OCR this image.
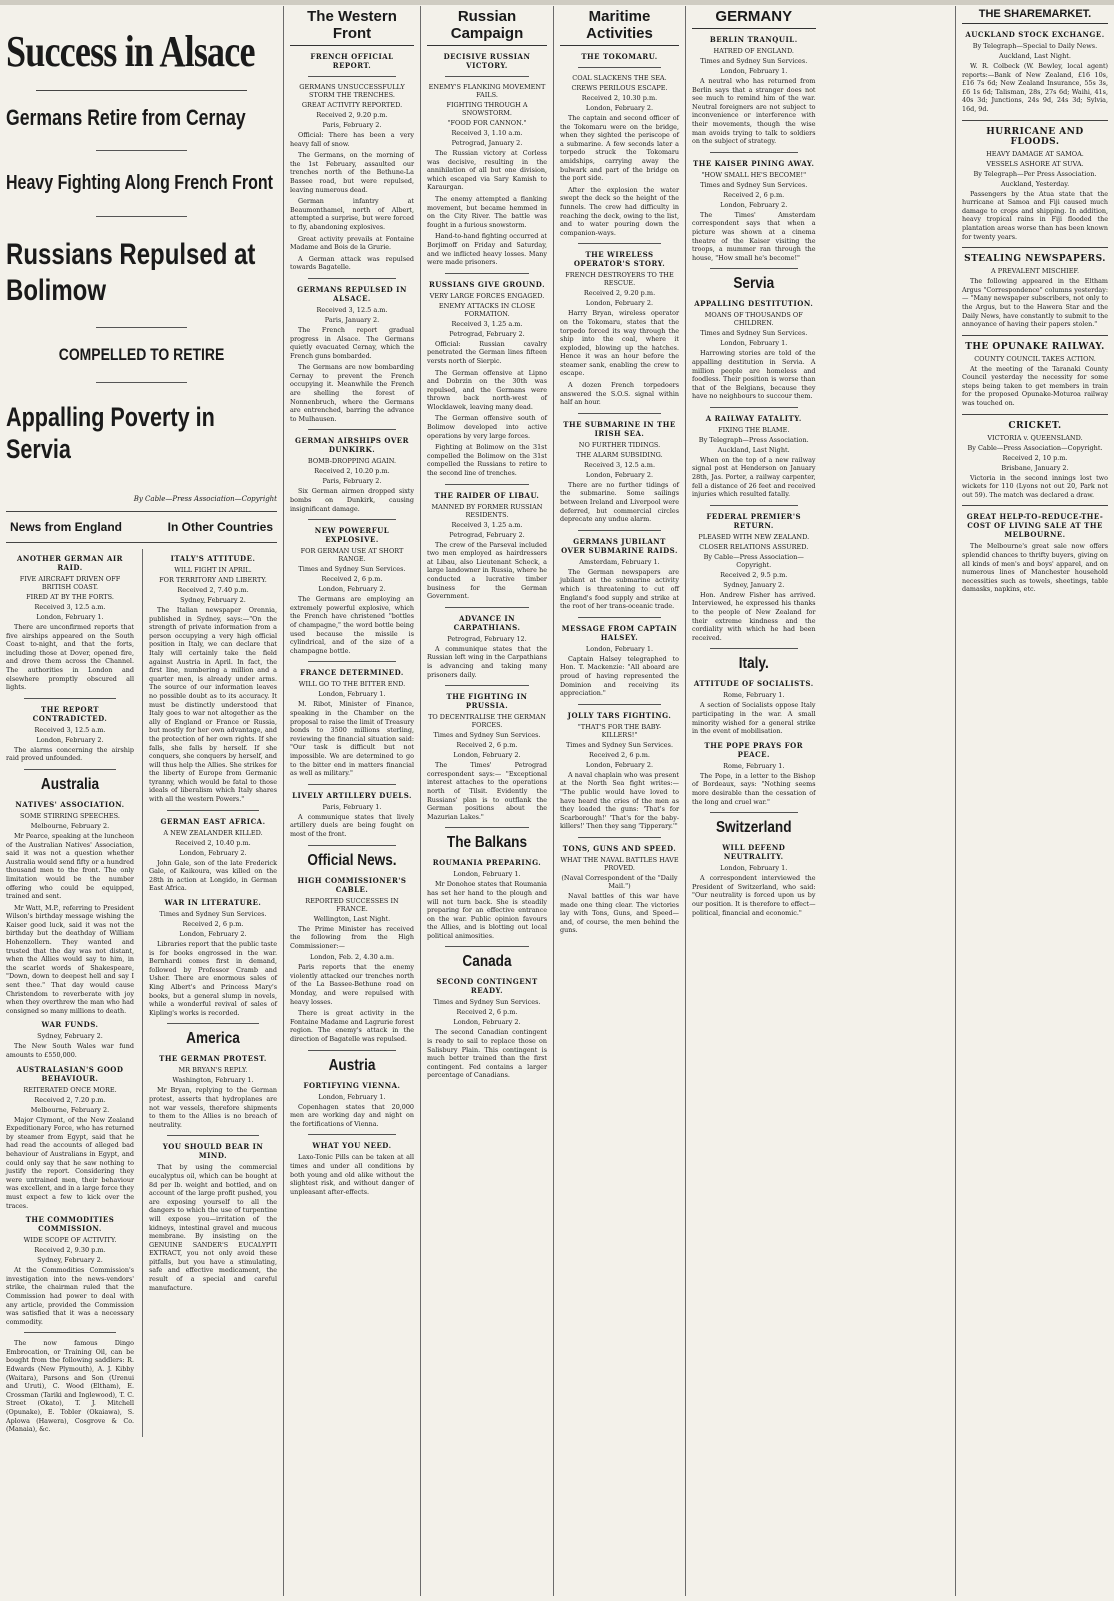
Success in Alsace
Germans Retire from Cernay
Heavy Fighting Along French Front
Russians Repulsed at Bolimow
COMPELLED TO RETIRE
Appalling Poverty in Servia
By Cable—Press Association—Copyright
News from England	In Other Countries
ANOTHER GERMAN AIR RAID.
FIVE AIRCRAFT DRIVEN OFF BRITISH COAST.
FIRED AT BY THE FORTS.
Received 3, 12.5 a.m.
London, February 1.

There are unconfirmed reports that five airships appeared on the South Coast to-night, and that the forts, including those at Dover, opened fire, and drove them across the Channel. The authorities in London and elsewhere promptly obscured all lights.

THE REPORT CONTRADICTED.
Received 3, 12.5 a.m.
London, February 2.

The alarms concerning the airship raid proved unfounded.

Australia
NATIVES' ASSOCIATION.
SOME STIRRING SPEECHES.
Melbourne, February 2.

Mr Pearce, speaking at the luncheon of the Australian Natives' Association, said it was not a question whether Australia would send fifty or a hundred thousand men to the front. The only limitation would be the number offering who could be equipped, trained and sent.

Mr Watt, M.P., referring to President Wilson's birthday message wishing the Kaiser good luck, said it was not the birthday but the deathday of William Hohenzollern. They wanted and trusted that the day was not distant, when the Allies would say to him, in the scarlet words of Shakespeare, "Down, down to deepest hell and say I sent thee." That day would cause Christendom to reverberate with joy when they overthrew the man who had consigned so many millions to death.

WAR FUNDS.
Sydney, February 2.

The New South Wales war fund amounts to £550,000.

AUSTRALASIAN'S GOOD BEHAVIOUR.
REITERATED ONCE MORE.
Received 2, 7.20 p.m.
Melbourne, February 2.

Major Clymont, of the New Zealand Expeditionary Force, who has returned by steamer from Egypt, said that he had read the accounts of alleged bad behaviour of Australians in Egypt, and could only say that he saw nothing to justify the report. Considering they were untrained men, their behaviour was excellent, and in a large force they must expect a few to kick over the traces.

THE COMMODITIES COMMISSION.
WIDE SCOPE OF ACTIVITY.
Received 2, 9.30 p.m.
Sydney, February 2.

At the Commodities Commission's investigation into the news-vendors' strike, the chairman ruled that the Commission had power to deal with any article, provided the Commission was satisfied that it was a necessary commodity.

The now famous Dingo Embrocation, or Training Oil, can be bought from the following saddlers: R. Edwards (New Plymouth), A. J. Kibby (Waitara), Parsons and Son (Urenui and Uruti), C. Wood (Eltham), E. Crossman (Tariki and Inglewood), T. C. Street (Okato), T. J. Mitchell (Opunake), E. Tobler (Okaiawa), S. Aplowa (Hawera), Cosgrove & Co. (Manaia), &c.

ITALY'S ATTITUDE.
WILL FIGHT IN APRIL.
FOR TERRITORY AND LIBERTY.
Received 2, 7.40 p.m.
Sydney, February 2.

The Italian newspaper Orennia, published in Sydney, says:—"On the strength of private information from a person occupying a very high official position in Italy, we can declare that Italy will certainly take the field against Austria in April. In fact, the first line, numbering a million and a quarter men, is already under arms. The source of our information leaves no possible doubt as to its accuracy. It must be distinctly understood that Italy goes to war not altogether as the ally of England or France or Russia, but mostly for her own advantage, and the protection of her own rights. If she falls, she falls by herself. If she conquers, she conquers by herself, and will thus help the Allies. She strikes for the liberty of Europe from Germanic tyranny, which would be fatal to those ideals of liberalism which Italy shares with all the western Powers."

GERMAN EAST AFRICA.
A NEW ZEALANDER KILLED.
Received 2, 10.40 p.m.
London, February 2.

John Gale, son of the late Frederick Gale, of Kaikoura, was killed on the 28th in action at Longido, in German East Africa.

WAR IN LITERATURE.
Times and Sydney Sun Services.
Received 2, 6 p.m.
London, February 2.

Libraries report that the public taste is for books engrossed in the war. Bernhardi comes first in demand, followed by Professor Cramb and Usher. There are enormous sales of King Albert's and Princess Mary's books, but a general slump in novels, while a wonderful revival of sales of Kipling's works is recorded.

America
THE GERMAN PROTEST.
MR BRYAN'S REPLY.
Washington, February 1.

Mr Bryan, replying to the German protest, asserts that hydroplanes are not war vessels, therefore shipments to them to the Allies is no breach of neutrality.

YOU SHOULD BEAR IN MIND.

That by using the commercial eucalyptus oil, which can be bought at 8d per lb. weight and bottled, and on account of the large profit pushed, you are exposing yourself to all the dangers to which the use of turpentine will expose you—irritation of the kidneys, intestinal gravel and mucous membrane. By insisting on the GENUINE SANDER'S EUCALYPTI EXTRACT, you not only avoid these pitfalls, but you have a stimulating, safe and effective medicament, the result of a special and careful manufacture.

The Western Front
FRENCH OFFICIAL REPORT.
GERMANS UNSUCCESSFULLY STORM THE TRENCHES.
GREAT ACTIVITY REPORTED.
Received 2, 9.20 p.m.
Paris, February 2.

Official: There has been a very heavy fall of snow.

The Germans, on the morning of the 1st February, assaulted our trenches north of the Bethune-La Bassee road, but were repulsed, leaving numerous dead.

German infantry at Beaumonthamel, north of Albert, attempted a surprise, but were forced to fly, abandoning explosives.

Great activity prevails at Fontaine Madame and Bois de la Grurie.

A German attack was repulsed towards Bagatelle.

GERMANS REPULSED IN ALSACE.
Received 3, 12.5 a.m.
Paris, January 2.

The French report gradual progress in Alsace. The Germans quietly evacuated Cernay, which the French guns bombarded.

The Germans are now bombarding Cernay to prevent the French occupying it. Meanwhile the French are shelling the forest of Nonnenbruch, where the Germans are entrenched, barring the advance to Mulhausen.

GERMAN AIRSHIPS OVER DUNKIRK.
BOMB-DROPPING AGAIN.
Received 2, 10.20 p.m.
Paris, February 2.

Six German airmen dropped sixty bombs on Dunkirk, causing insignificant damage.

NEW POWERFUL EXPLOSIVE.
FOR GERMAN USE AT SHORT RANGE.
Times and Sydney Sun Services.
Received 2, 6 p.m.
London, February 2.

The Germans are employing an extremely powerful explosive, which the French have christened "bottles of champagne," the word bottle being used because the missile is cylindrical, and of the size of a champagne bottle.

FRANCE DETERMINED.
WILL GO TO THE BITTER END.
London, February 1.

M. Ribot, Minister of Finance, speaking in the Chamber on the proposal to raise the limit of Treasury bonds to 3500 millions sterling, reviewing the financial situation said: "Our task is difficult but not impossible. We are determined to go to the bitter end in matters financial as well as military."

LIVELY ARTILLERY DUELS.
Paris, February 1.

A communique states that lively artillery duels are being fought on most of the front.

Official News.
HIGH COMMISSIONER'S CABLE.
REPORTED SUCCESSES IN FRANCE.
Wellington, Last Night.

The Prime Minister has received the following from the High Commissioner:—

London, Feb. 2, 4.30 a.m.

Paris reports that the enemy violently attacked our trenches north of the La Bassee-Bethune road on Monday, and were repulsed with heavy losses.

There is great activity in the Fontaine Madame and Lagrurie forest region. The enemy's attack in the direction of Bagatelle was repulsed.

Austria
FORTIFYING VIENNA.
London, February 1.

Copenhagen states that 20,000 men are working day and night on the fortifications of Vienna.

WHAT YOU NEED.

Laxo-Tonic Pills can be taken at all times and under all conditions by both young and old alike without the slightest risk, and without danger of unpleasant after-effects.

Russian Campaign
DECISIVE RUSSIAN VICTORY.
ENEMY'S FLANKING MOVEMENT FAILS.
FIGHTING THROUGH A SNOWSTORM.
"FOOD FOR CANNON."
Received 3, 1.10 a.m.
Petrograd, January 2.

The Russian victory at Corless was decisive, resulting in the annihilation of all but one division, which escaped via Sary Kamish to Karaurgan.

The enemy attempted a flanking movement, but became hemmed in on the City River. The battle was fought in a furious snowstorm.

Hand-to-hand fighting occurred at Borjimoff on Friday and Saturday, and we inflicted heavy losses. Many were made prisoners.

RUSSIANS GIVE GROUND.
VERY LARGE FORCES ENGAGED.
ENEMY ATTACKS IN CLOSE FORMATION.
Received 3, 1.25 a.m.
Petrograd, February 2.

Official: Russian cavalry penetrated the German lines fifteen versts north of Sierpic.

The German offensive at Lipno and Dobrzin on the 30th was repulsed, and the Germans were thrown back north-west of Wlocklawek, leaving many dead.

The German offensive south of Bolimow developed into active operations by very large forces.

Fighting at Bolimow on the 31st compelled the Bolimow on the 31st compelled the Russians to retire to the second line of trenches.

THE RAIDER OF LIBAU.
MANNED BY FORMER RUSSIAN RESIDENTS.
Received 3, 1.25 a.m.
Petrograd, February 2.

The crew of the Parseval included two men employed as hairdressers at Libau, also Lieutenant Scheck, a large landowner in Russia, where he conducted a lucrative timber business for the German Government.

ADVANCE IN CARPATHIANS.
Petrograd, February 12.

A communique states that the Russian left wing in the Carpathians is advancing and taking many prisoners daily.

THE FIGHTING IN PRUSSIA.
TO DECENTRALISE THE GERMAN FORCES.
Times and Sydney Sun Services.
Received 2, 6 p.m.
London, February 2.

The Times' Petrograd correspondent says:— "Exceptional interest attaches to the operations north of Tilsit. Evidently the Russians' plan is to outflank the German positions about the Mazurian Lakes."

The Balkans
ROUMANIA PREPARING.
London, February 1.

Mr Donohoe states that Roumania has set her hand to the plough and will not turn back. She is steadily preparing for an effective entrance on the war. Public opinion favours the Allies, and is blotting out local political animosities.

Canada
SECOND CONTINGENT READY.
Times and Sydney Sun Services.
Received 2, 6 p.m.
London, February 2.

The second Canadian contingent is ready to sail to replace those on Salisbury Plain. This contingent is much better trained than the first contingent. Fed contains a larger percentage of Canadians.

Maritime Activities
THE TOKOMARU.
COAL SLACKENS THE SEA.
CREWS PERILOUS ESCAPE.
Received 2, 10.30 p.m.
London, February 2.

The captain and second officer of the Tokomaru were on the bridge, when they sighted the periscope of a submarine. A few seconds later a torpedo struck the Tokomaru amidships, carrying away the bulwark and part of the bridge on the port side.

After the explosion the water swept the deck so the height of the funnels. The crew had difficulty in reaching the deck, owing to the list, and to water pouring down the companion-ways.

THE WIRELESS OPERATOR'S STORY.
FRENCH DESTROYERS TO THE RESCUE.
Received 2, 9.20 p.m.
London, February 2.

Harry Bryan, wireless operator on the Tokomaru, states that the torpedo forced its way through the ship into the coal, where it exploded, blowing up the hatches. Hence it was an hour before the steamer sank, enabling the crew to escape.

A dozen French torpedoers answered the S.O.S. signal within half an hour.

THE SUBMARINE IN THE IRISH SEA.
NO FURTHER TIDINGS.
THE ALARM SUBSIDING.
Received 3, 12.5 a.m.
London, February 2.

There are no further tidings of the submarine. Some sailings between Ireland and Liverpool were deferred, but commercial circles deprecate any undue alarm.

GERMANS JUBILANT OVER SUBMARINE RAIDS.
Amsterdam, February 1.

The German newspapers are jubilant at the submarine activity which is threatening to cut off England's food supply and strike at the root of her trans-oceanic trade.

MESSAGE FROM CAPTAIN HALSEY.
London, February 1.

Captain Halsey telegraphed to Hon. T. Mackenzie: "All aboard are proud of having represented the Dominion and receiving its appreciation."

JOLLY TARS FIGHTING.
"THAT'S FOR THE BABY-KILLERS!"
Times and Sydney Sun Services.
Received 2, 6 p.m.
London, February 2.

A naval chaplain who was present at the North Sea fight writes:— "The public would have loved to have heard the cries of the men as they loaded the guns: 'That's for Scarborough!' 'That's for the baby-killers!' Then they sang 'Tipperary.'"

TONS, GUNS AND SPEED.
WHAT THE NAVAL BATTLES HAVE PROVED.
(Naval Correspondent of the "Daily Mail.")

Naval battles of this war have made one thing clear. The victories lay with Tons, Guns, and Speed—and, of course, the men behind the guns.

GERMANY
BERLIN TRANQUIL.
HATRED OF ENGLAND.
Times and Sydney Sun Services.
London, February 1.

A neutral who has returned from Berlin says that a stranger does not see much to remind him of the war. Neutral foreigners are not subject to inconvenience or interference with their movements, though the wise man avoids trying to talk to soldiers on the subject of strategy.

THE KAISER PINING AWAY.
"HOW SMALL HE'S BECOME!"
Times and Sydney Sun Services.
Received 2, 6 p.m.
London, February 2.

The Times' Amsterdam correspondent says that when a picture was shown at a cinema theatre of the Kaiser visiting the troops, a mummer ran through the house, "How small he's become!"

Servia
APPALLING DESTITUTION.
MOANS OF THOUSANDS OF CHILDREN.
Times and Sydney Sun Services.
London, February 1.

Harrowing stories are told of the appalling destitution in Servia. A million people are homeless and foodless. Their position is worse than that of the Belgians, because they have no neighbours to succour them.

A RAILWAY FATALITY.
FIXING THE BLAME.
By Telegraph—Press Association.
Auckland, Last Night.

When on the top of a new railway signal post at Henderson on January 28th, Jas. Porter, a railway carpenter, fell a distance of 26 feet and received injuries which resulted fatally.

FEDERAL PREMIER'S RETURN.
PLEASED WITH NEW ZEALAND.
CLOSER RELATIONS ASSURED.
By Cable—Press Association—Copyright.
Received 2, 9.5 p.m.
Sydney, January 2.

Hon. Andrew Fisher has arrived. Interviewed, he expressed his thanks to the people of New Zealand for their extreme kindness and the cordiality with which he had been received.

Italy.
ATTITUDE OF SOCIALISTS.
Rome, February 1.

A section of Socialists oppose Italy participating in the war. A small minority wished for a general strike in the event of mobilisation.

THE POPE PRAYS FOR PEACE.
Rome, February 1.

The Pope, in a letter to the Bishop of Bordeaux, says: "Nothing seems more desirable than the cessation of the long and cruel war."

Switzerland
WILL DEFEND NEUTRALITY.
London, February 1.

A correspondent interviewed the President of Switzerland, who said: "Our neutrality is forced upon us by our position. It is therefore to effect—political, financial and economic."

THE SHAREMARKET.
AUCKLAND STOCK EXCHANGE.
By Telegraph—Special to Daily News.
Auckland, Last Night.

W. R. Colbeck (W. Bewley, local agent) reports:—Bank of New Zealand, £16 10s, £16 7s 6d; New Zealand Insurance, 55s 3s, £6 1s 6d; Talisman, 28s, 27s 6d; Waihi, 41s, 40s 3d; Junctions, 24s 9d, 24s 3d; Sylvia, 16d, 9d.

HURRICANE AND FLOODS.
HEAVY DAMAGE AT SAMOA.
VESSELS ASHORE AT SUVA.
By Telegraph—Per Press Association.
Auckland, Yesterday.

Passengers by the Atua state that the hurricane at Samoa and Fiji caused much damage to crops and shipping. In addition, heavy tropical rains in Fiji flooded the plantation areas worse than has been known for twenty years.

STEALING NEWSPAPERS.
A PREVALENT MISCHIEF.

The following appeared in the Eltham Argus "Correspondence" columns yesterday:— "Many newspaper subscribers, not only to the Argus, but to the Hawera Star and the Daily News, have constantly to submit to the annoyance of having their papers stolen."

THE OPUNAKE RAILWAY.
COUNTY COUNCIL TAKES ACTION.

At the meeting of the Taranaki County Council yesterday the necessity for some steps being taken to get members in train for the proposed Opunake-Moturoa railway was touched on.

CRICKET.
VICTORIA v. QUEENSLAND.
By Cable—Press Association—Copyright.
Received 2, 10 p.m.
Brisbane, January 2.

Victoria in the second innings lost two wickets for 110 (Lyons not out 20, Park not out 59). The match was declared a draw.

GREAT HELP-TO-REDUCE-THE-COST OF LIVING SALE AT THE MELBOURNE.

The Melbourne's great sale now offers splendid chances to thrifty buyers, giving on all kinds of men's and boys' apparel, and on numerous lines of Manchester household necessities such as towels, sheetings, table damasks, napkins, etc.
